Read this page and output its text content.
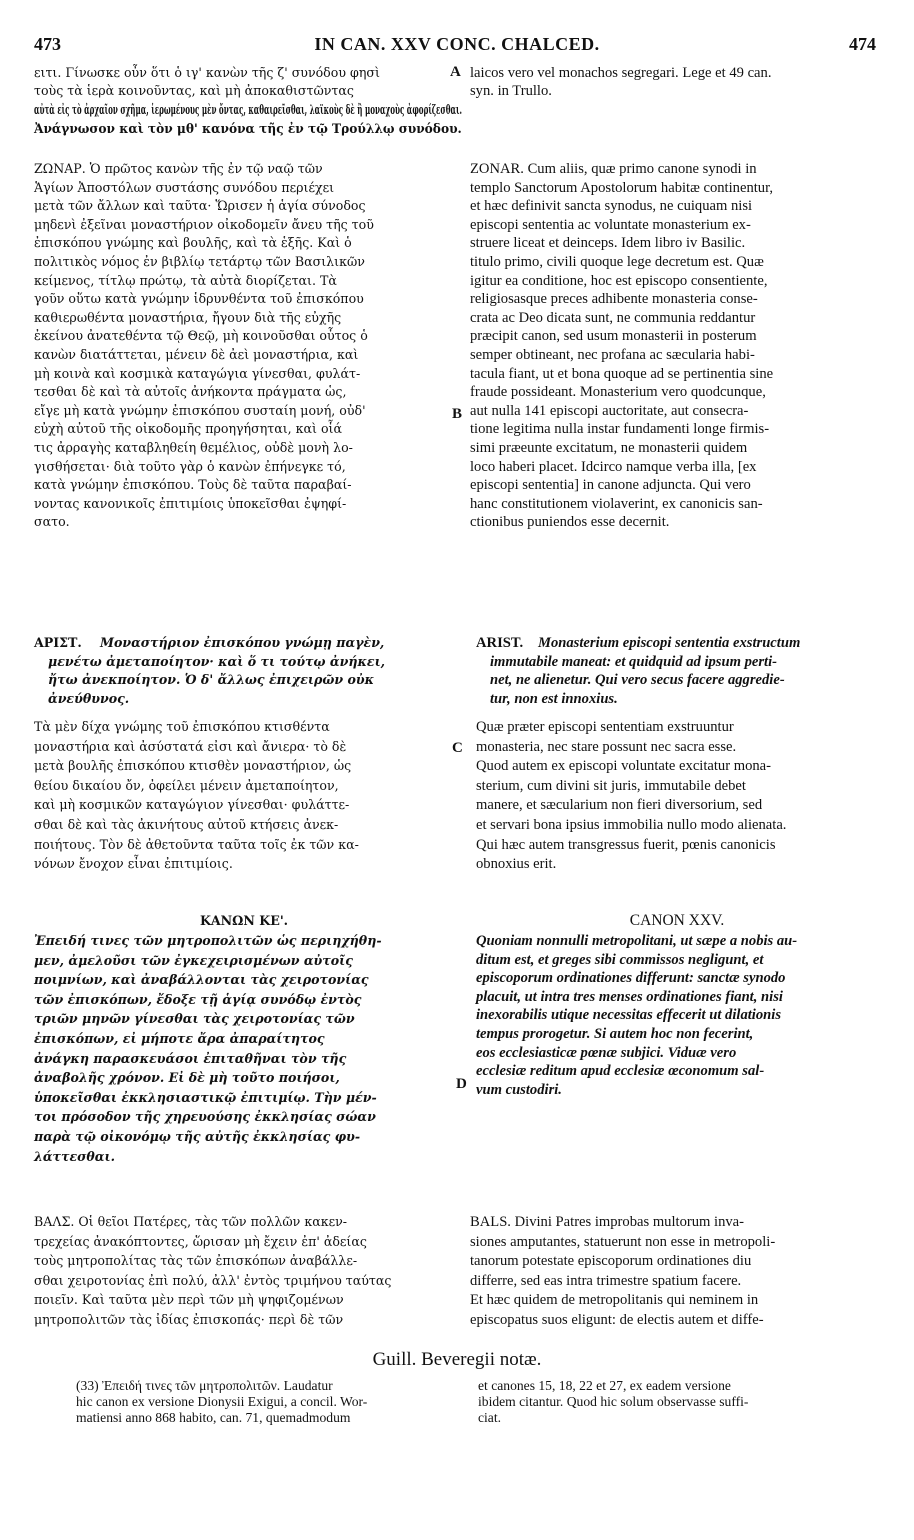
473	IN CAN. XXV CONC. CHALCED.	474
ειτι. Γίνωσκε οὖν ὅτι ὁ ιγ' κανὼν τῆς ζ' συνόδου φησὶ
τοὺς τὰ ἱερὰ κοινοῦντας, καὶ μὴ ἀποκαθιστῶντας
αὐτὰ εἰς τὸ ἀρχαῖον σχῆμα, ἱερωμένους μὲν ὄντας, καθαιρεῖσθαι, λαϊκοὺς δὲ ἢ μοναχοὺς ἀφορίζεσθαι.
Ἀνάγνωσον καὶ τὸν μθ' κανόνα τῆς ἐν τῷ Τρούλλῳ συνόδου.
laicos vero vel monachos segregari. Lege et 49 can.
syn. in Trullo.
A
B
C
D
ΖΩΝΑΡ. Ὁ πρῶτος κανὼν τῆς ἐν τῷ ναῷ τῶν
Ἁγίων Ἀποστόλων συστάσης συνόδου περιέχει
μετὰ τῶν ἄλλων καὶ ταῦτα· Ὥρισεν ἡ ἁγία σύνοδος
μηδενὶ ἐξεῖναι μοναστήριον οἰκοδομεῖν ἄνευ τῆς τοῦ
ἐπισκόπου γνώμης καὶ βουλῆς, καὶ τὰ ἑξῆς. Καὶ ὁ
πολιτικὸς νόμος ἐν βιβλίῳ τετάρτῳ τῶν Βασιλικῶν
κείμενος, τίτλῳ πρώτῳ, τὰ αὐτὰ διορίζεται. Τὰ
γοῦν οὕτω κατὰ γνώμην ἱδρυνθέντα τοῦ ἐπισκόπου
καθιερωθέντα μοναστήρια, ἤγουν διὰ τῆς εὐχῆς
ἐκείνου ἀνατεθέντα τῷ Θεῷ, μὴ κοινοῦσθαι οὗτος ὁ
κανὼν διατάττεται, μένειν δὲ ἀεὶ μοναστήρια, καὶ
μὴ κοινὰ καὶ κοσμικὰ καταγώγια γίνεσθαι, φυλάτ-
τεσθαι δὲ καὶ τὰ αὐτοῖς ἀνήκοντα πράγματα ὡς,
εἴγε μὴ κατὰ γνώμην ἐπισκόπου συσταίη μονή, οὐδ'
εὐχὴ αὐτοῦ τῆς οἰκοδομῆς προηγήσηται, καὶ οἷά
τις ἀρραγὴς καταβληθείη θεμέλιος, οὐδὲ μονὴ λο-
γισθήσεται· διὰ τοῦτο γὰρ ὁ κανὼν ἐπήνεγκε τό,
κατὰ γνώμην ἐπισκόπου. Τοὺς δὲ ταῦτα παραβαί-
νοντας κανονικοῖς ἐπιτιμίοις ὑποκεῖσθαι ἐψηφί-
σατο.
ΑΡΙΣΤ. Μοναστήριον ἐπισκόπου γνώμῃ παγὲν,
μενέτω ἀμεταποίητον· καὶ ὅ τι τούτῳ ἀνήκει,
ἤτω ἀνεκποίητον. Ὁ δ' ἄλλως ἐπιχειρῶν οὐκ
ἀνεύθυνος.
Τὰ μὲν δίχα γνώμης τοῦ ἐπισκόπου κτισθέντα
μοναστήρια καὶ ἀσύστατά εἰσι καὶ ἄνιερα· τὸ δὲ
μετὰ βουλῆς ἐπισκόπου κτισθὲν μοναστήριον, ὡς
θείου δικαίου ὄν, ὀφείλει μένειν ἀμεταποίητον,
καὶ μὴ κοσμικῶν καταγώγιον γίνεσθαι· φυλάττε-
σθαι δὲ καὶ τὰς ἀκινήτους αὐτοῦ κτήσεις ἀνεκ-
ποιήτους. Τὸν δὲ ἀθετοῦντα ταῦτα τοῖς ἐκ τῶν κα-
νόνων ἔνοχον εἶναι ἐπιτιμίοις.
ΚΑΝΩΝ ΚΕ'.
Ἐπειδή τινες τῶν μητροπολιτῶν ὡς περιηχήθη-
μεν, ἀμελοῦσι τῶν ἐγκεχειρισμένων αὐτοῖς
ποιμνίων, καὶ ἀναβάλλονται τὰς χειροτονίας
τῶν ἐπισκόπων, ἔδοξε τῇ ἁγίᾳ συνόδῳ ἐντὸς
τριῶν μηνῶν γίνεσθαι τὰς χειροτονίας τῶν
ἐπισκόπων, εἰ μήποτε ἄρα ἀπαραίτητος
ἀνάγκη παρασκευάσοι ἐπιταθῆναι τὸν τῆς
ἀναβολῆς χρόνον. Εἰ δὲ μὴ τοῦτο ποιήσοι,
ὑποκεῖσθαι ἐκκλησιαστικῷ ἐπιτιμίῳ. Τὴν μέν-
τοι πρόσοδον τῆς χηρευούσης ἐκκλησίας σώαν
παρὰ τῷ οἰκονόμῳ τῆς αὐτῆς ἐκκλησίας φυ-
λάττεσθαι.
ΒΑΛΣ. Οἱ θεῖοι Πατέρες, τὰς τῶν πολλῶν κακεν-
τρεχείας ἀνακόπτοντες, ὥρισαν μὴ ἔχειν ἐπ' ἀδείας
τοὺς μητροπολίτας τὰς τῶν ἐπισκόπων ἀναβάλλε-
σθαι χειροτονίας ἐπὶ πολύ, ἀλλ' ἐντὸς τριμήνου ταύτας
ποιεῖν. Καὶ ταῦτα μὲν περὶ τῶν μὴ ψηφιζομένων
μητροπολιτῶν τὰς ἰδίας ἐπισκοπάς· περὶ δὲ τῶν
ZONAR. Cum aliis, quæ primo canone synodi in
templo Sanctorum Apostolorum habitæ continentur,
et hæc definivit sancta synodus, ne cuiquam nisi
episcopi sententia ac voluntate monasterium ex-
struere liceat et deinceps. Idem libro iv Basilic.
titulo primo, civili quoque lege decretum est. Quæ
igitur ea conditione, hoc est episcopo consentiente,
religiosasque preces adhibente monasteria conse-
crata ac Deo dicata sunt, ne communia reddantur
præcipit canon, sed usum monasterii in posterum
semper obtineant, nec profana ac sæcularia habi-
tacula fiant, ut et bona quoque ad se pertinentia sine
fraude possideant. Monasterium vero quodcunque,
aut nulla 141 episcopi auctoritate, aut consecra-
tione legitima nulla instar fundamenti longe firmis-
simi præeunte excitatum, ne monasterii quidem
loco haberi placet. Idcirco namque verba illa, [ex
episcopi sententia] in canone adjuncta. Qui vero
hanc constitutionem violaverint, ex canonicis san-
ctionibus puniendos esse decernit.
ARIST. Monasterium episcopi sententia exstructum
immutabile maneat: et quidquid ad ipsum perti-
net, ne alienetur. Qui vero secus facere aggredie-
tur, non est innoxius.
Quæ præter episcopi sententiam exstruuntur
monasteria, nec stare possunt nec sacra esse.
Quod autem ex episcopi voluntate excitatur mona-
sterium, cum divini sit juris, immutabile debet
manere, et sæcularium non fieri diversorium, sed
et servari bona ipsius immobilia nullo modo alienata.
Qui hæc autem transgressus fuerit, pœnis canonicis
obnoxius erit.
CANON XXV.
Quoniam nonnulli metropolitani, ut sæpe a nobis au-
ditum est, et greges sibi commissos negligunt, et
episcoporum ordinationes differunt: sanctæ synodo
placuit, ut intra tres menses ordinationes fiant, nisi
inexorabilis utique necessitas effecerit ut dilationis
tempus prorogetur. Si autem hoc non fecerint,
eos ecclesiasticæ pœnæ subjici. Viduæ vero
ecclesiæ reditum apud ecclesiæ œconomum sal-
vum custodiri.
BALS. Divini Patres improbas multorum inva-
siones amputantes, statuerunt non esse in metropoli-
tanorum potestate episcoporum ordinationes diu
differre, sed eas intra trimestre spatium facere.
Et hæc quidem de metropolitanis qui neminem in
episcopatus suos eligunt: de electis autem et diffe-
Guill. Beveregii notæ.
(33) Ἐπειδή τινες τῶν μητροπολιτῶν. Laudatur
hic canon ex versione Dionysii Exigui, a concil. Wor-
matiensi anno 868 habito, can. 71, quemadmodum
et canones 15, 18, 22 et 27, ex eadem versione
ibidem citantur. Quod hic solum observasse suffi-
ciat.
